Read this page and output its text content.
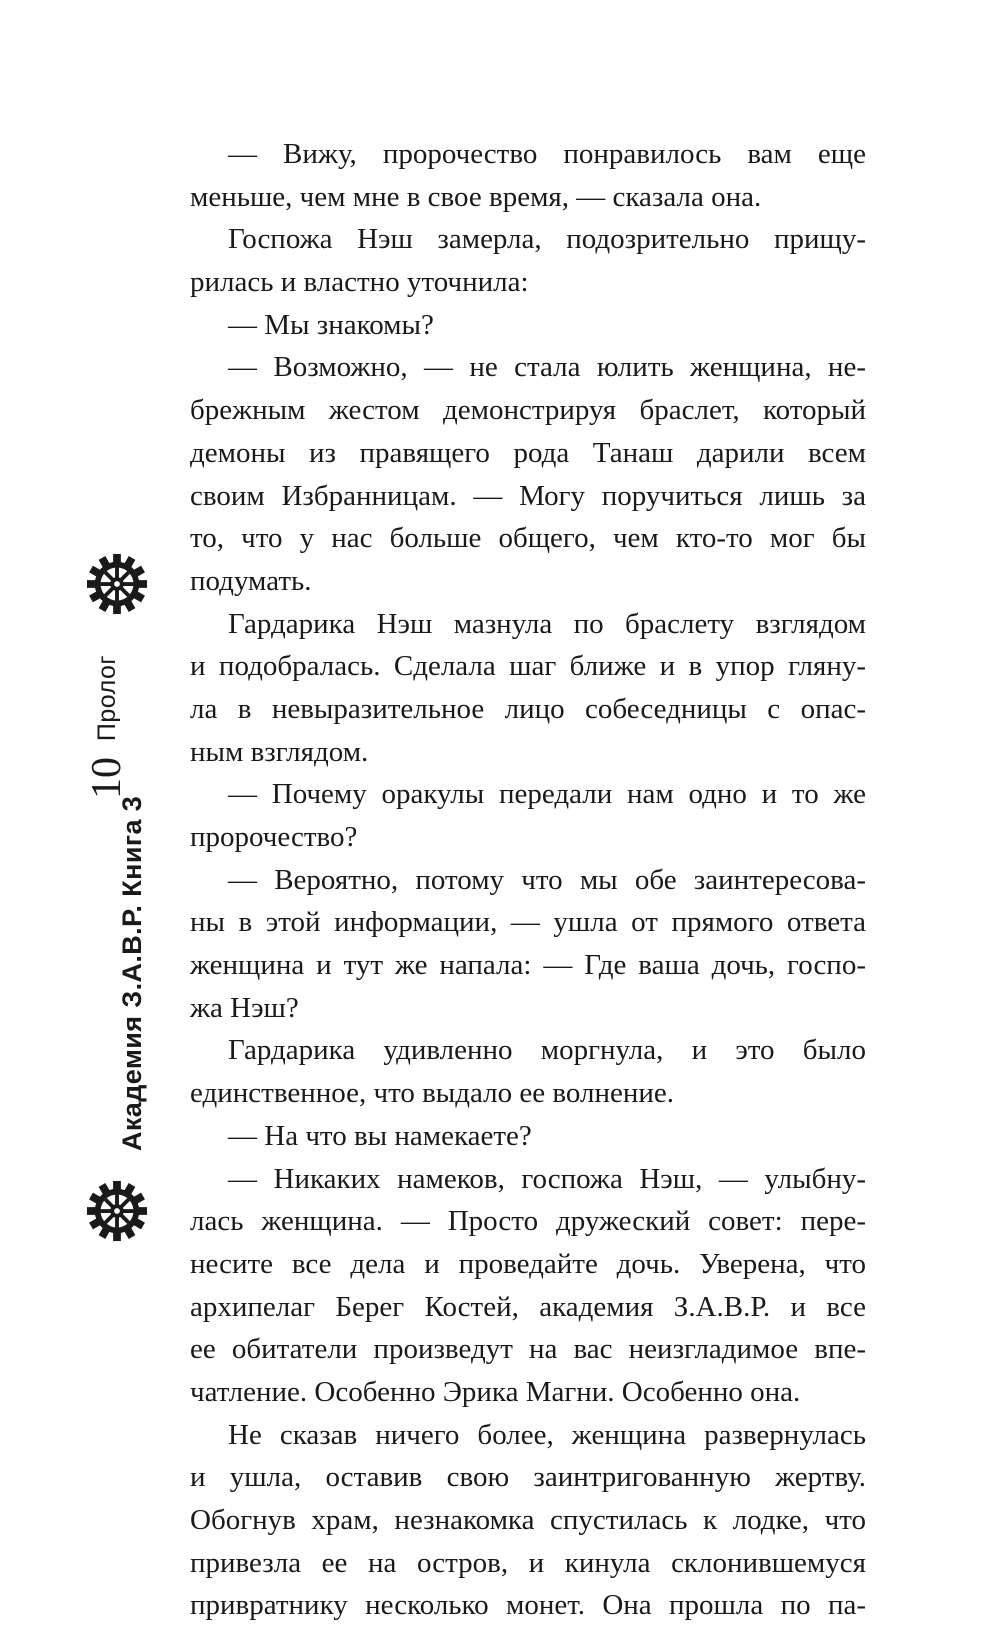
Пролог
10
Академия З.А.В.Р. Книга 3
— Вижу, пророчество понравилось вам еще
меньше, чем мне в свое время, — сказала она.
Госпожа Нэш замерла, подозрительно прищу-
рилась и властно уточнила:
— Мы знакомы?
— Возможно, — не стала юлить женщина, не-
брежным жестом демонстрируя браслет, который
демоны из правящего рода Танаш дарили всем
своим Избранницам. — Могу поручиться лишь за
то, что у нас больше общего, чем кто-то мог бы
подумать.
Гардарика Нэш мазнула по браслету взглядом
и подобралась. Сделала шаг ближе и в упор гляну-
ла в невыразительное лицо собеседницы с опас-
ным взглядом.
— Почему оракулы передали нам одно и то же
пророчество?
— Вероятно, потому что мы обе заинтересова-
ны в этой информации, — ушла от прямого ответа
женщина и тут же напала: — Где ваша дочь, госпо-
жа Нэш?
Гардарика удивленно моргнула, и это было
единственное, что выдало ее волнение.
— На что вы намекаете?
— Никаких намеков, госпожа Нэш, — улыбну-
лась женщина. — Просто дружеский совет: пере-
несите все дела и проведайте дочь. Уверена, что
архипелаг Берег Костей, академия З.А.В.Р. и все
ее обитатели произведут на вас неизгладимое впе-
чатление. Особенно Эрика Магни. Особенно она.
Не сказав ничего более, женщина развернулась
и ушла, оставив свою заинтригованную жертву.
Обогнув храм, незнакомка спустилась к лодке, что
привезла ее на остров, и кинула склонившемуся
привратнику несколько монет. Она прошла по па-
